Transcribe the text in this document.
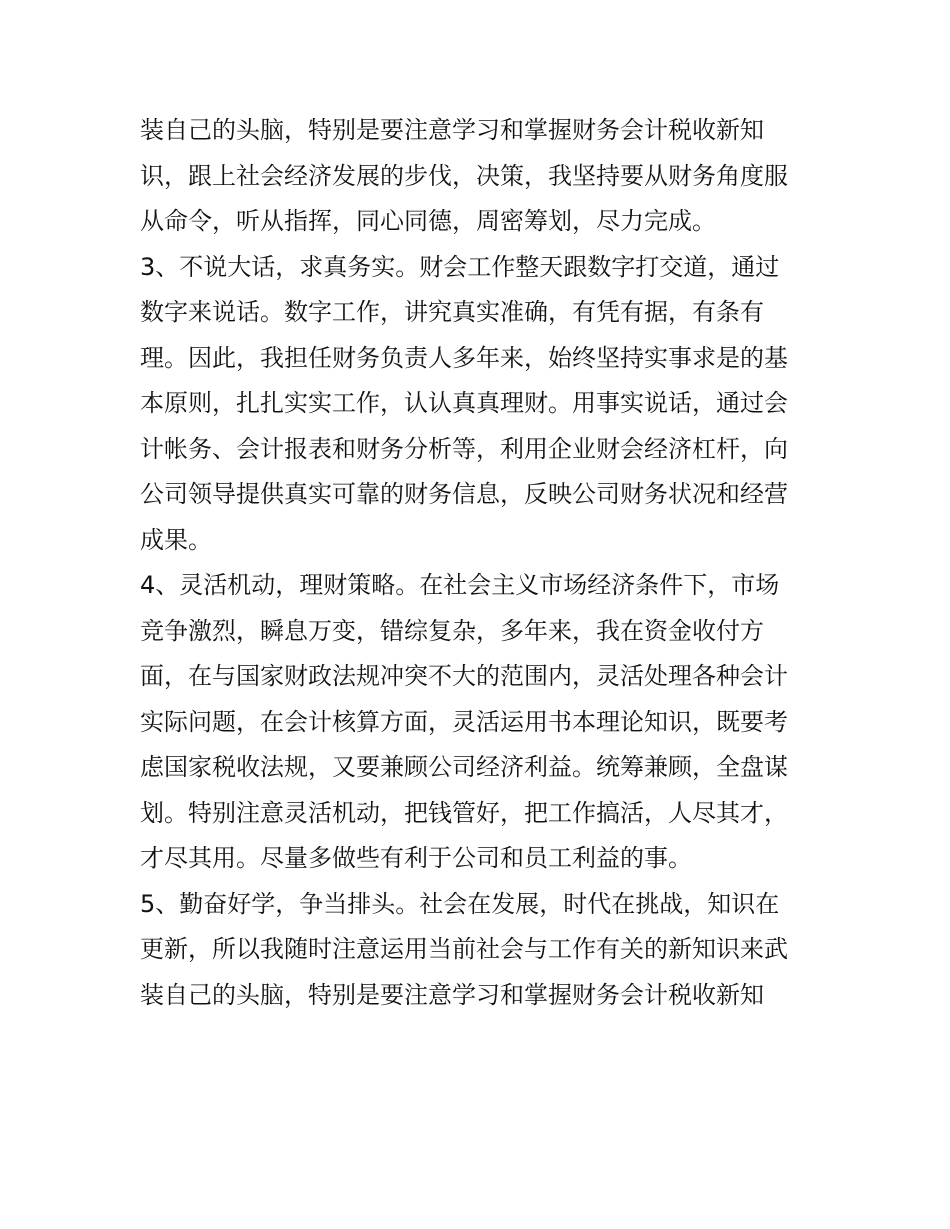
装自己的头脑，特别是要注意学习和掌握财务会计税收新知
识，跟上社会经济发展的步伐，决策，我坚持要从财务角度服
从命令，听从指挥，同心同德，周密筹划，尽力完成。
3、不说大话，求真务实。财会工作整天跟数字打交道，通过
数字来说话。数字工作，讲究真实准确，有凭有据，有条有
理。因此，我担任财务负责人多年来，始终坚持实事求是的基
本原则，扎扎实实工作，认认真真理财。用事实说话，通过会
计帐务、会计报表和财务分析等，利用企业财会经济杠杆，向
公司领导提供真实可靠的财务信息，反映公司财务状况和经营
成果。
4、灵活机动，理财策略。在社会主义市场经济条件下，市场
竞争激烈，瞬息万变，错综复杂，多年来，我在资金收付方
面，在与国家财政法规冲突不大的范围内，灵活处理各种会计
实际问题，在会计核算方面，灵活运用书本理论知识，既要考
虑国家税收法规，又要兼顾公司经济利益。统筹兼顾，全盘谋
划。特别注意灵活机动，把钱管好，把工作搞活，人尽其才，
才尽其用。尽量多做些有利于公司和员工利益的事。
5、勤奋好学，争当排头。社会在发展，时代在挑战，知识在
更新，所以我随时注意运用当前社会与工作有关的新知识来武
装自己的头脑，特别是要注意学习和掌握财务会计税收新知
